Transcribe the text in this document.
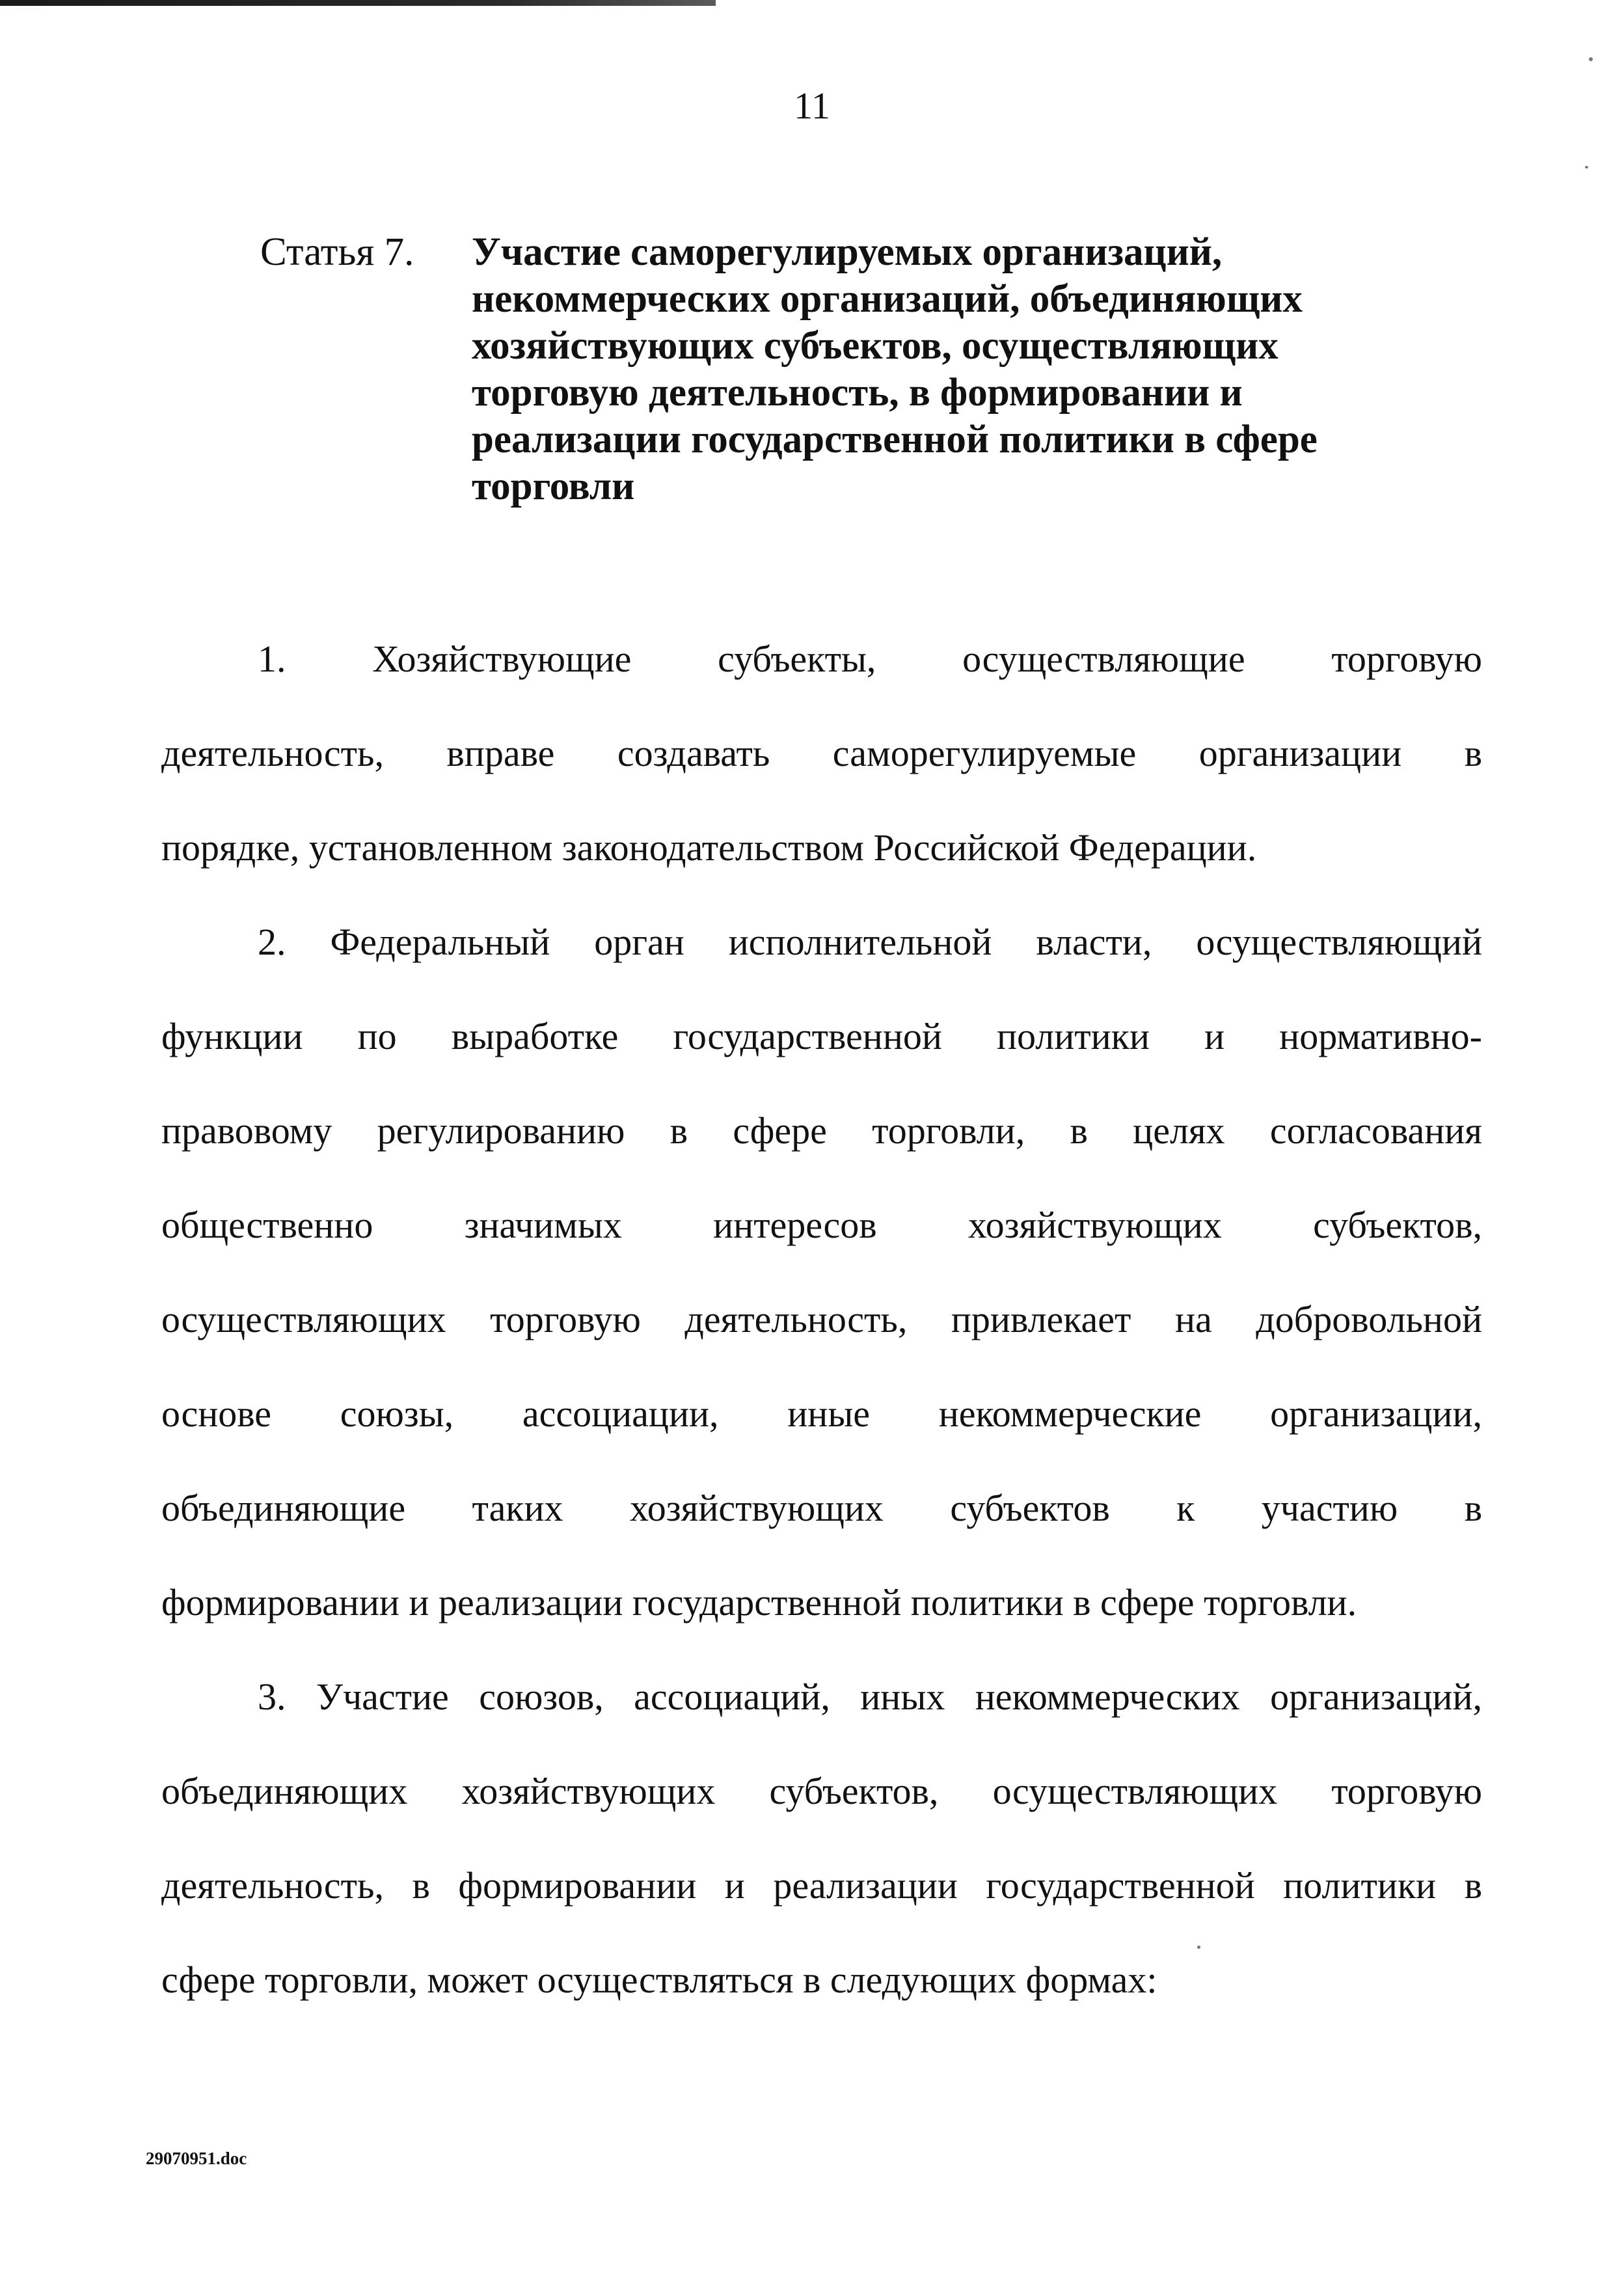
11
Статья 7. Участие саморегулируемых организаций,
некоммерческих организаций, объединяющих
хозяйствующих субъектов, осуществляющих
торговую деятельность, в формировании и
реализации государственной политики в сфере
торговли

1. Хозяйствующие субъекты, осуществляющие торговую
деятельность, вправе создавать саморегулируемые организации в
порядке, установленном законодательством Российской Федерации.

2. Федеральный орган исполнительной власти, осуществляющий
функции по выработке государственной политики и нормативно-
правовому регулированию в сфере торговли, в целях согласования
общественно значимых интересов хозяйствующих субъектов,
осуществляющих торговую деятельность, привлекает на добровольной
основе союзы, ассоциации, иные некоммерческие организации,
объединяющие таких хозяйствующих субъектов к участию в
формировании и реализации государственной политики в сфере торговли.

3. Участие союзов, ассоциаций, иных некоммерческих организаций,
объединяющих хозяйствующих субъектов, осуществляющих торговую
деятельность, в формировании и реализации государственной политики в
сфере торговли, может осуществляться в следующих формах:

29070951.doc
